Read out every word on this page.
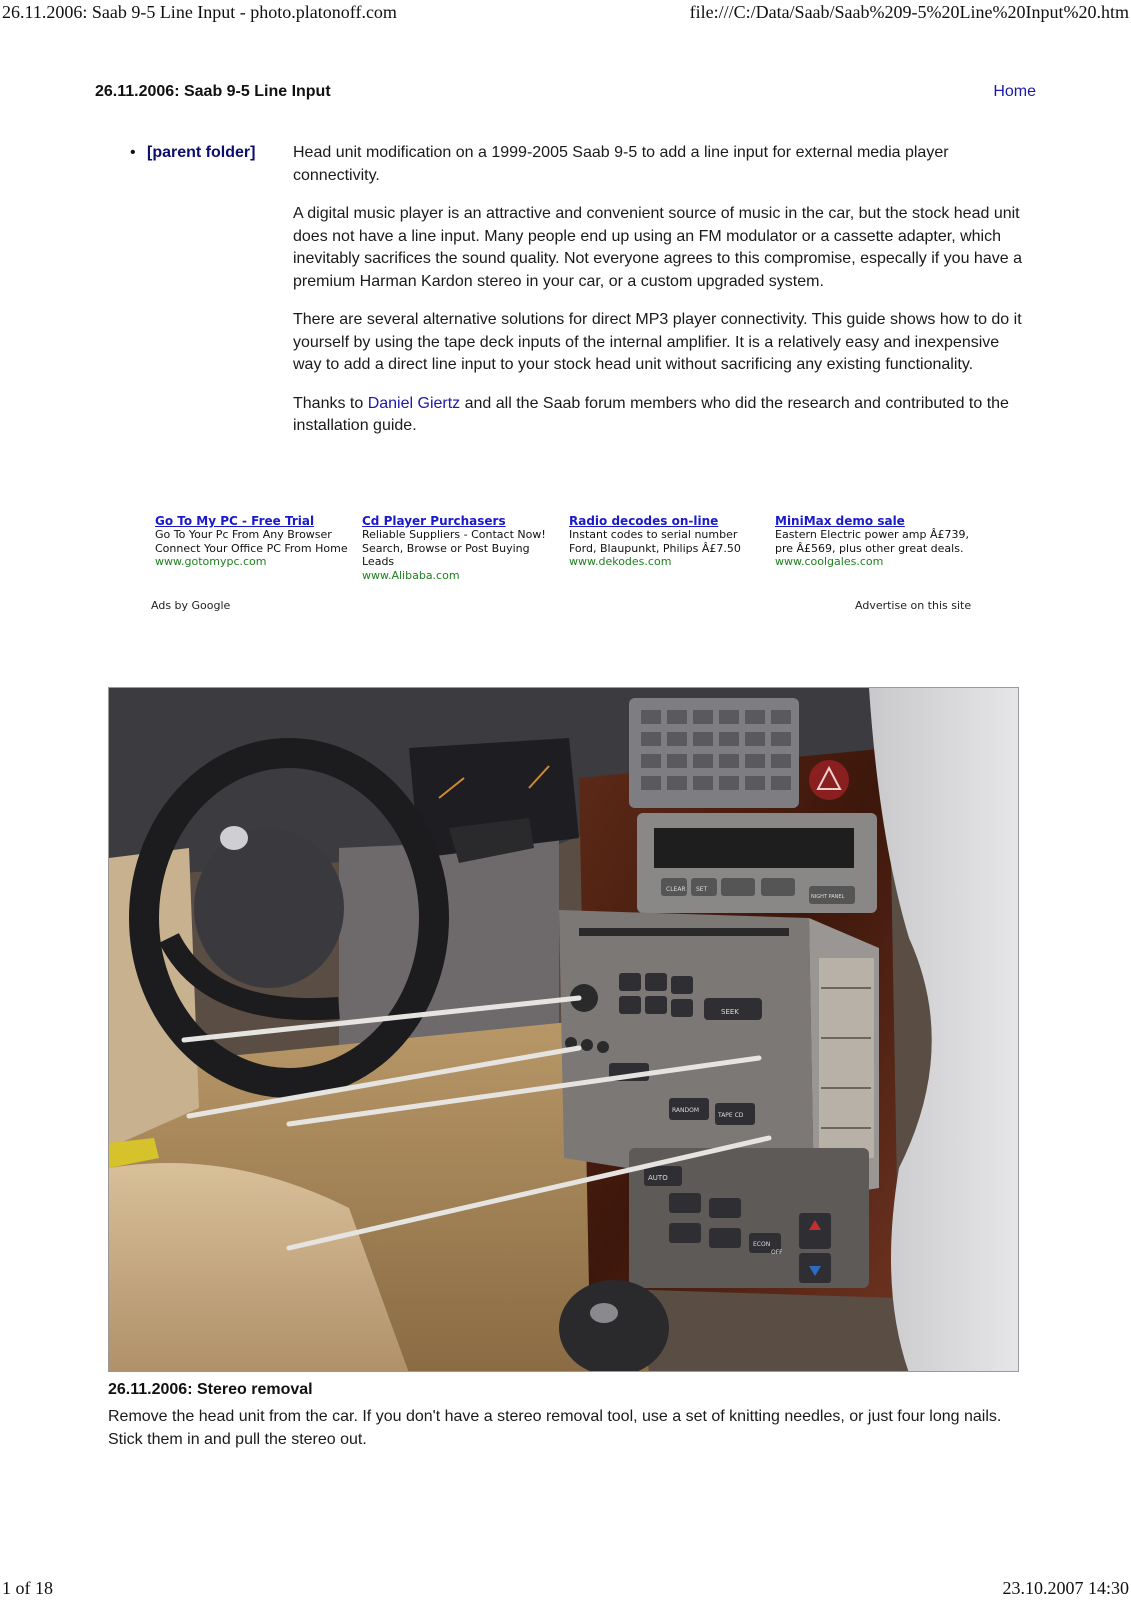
26.11.2006: Saab 9-5 Line Input - photo.platonoff.com	file:///C:/Data/Saab/Saab%209-5%20Line%20Input%20.htm
26.11.2006: Saab 9-5 Line Input	Home
• [parent folder] Head unit modification on a 1999-2005 Saab 9-5 to add a line input for external media player connectivity.

A digital music player is an attractive and convenient source of music in the car, but the stock head unit does not have a line input. Many people end up using an FM modulator or a cassette adapter, which inevitably sacrifices the sound quality. Not everyone agrees to this compromise, especally if you have a premium Harman Kardon stereo in your car, or a custom upgraded system.

There are several alternative solutions for direct MP3 player connectivity. This guide shows how to do it yourself by using the tape deck inputs of the internal amplifier. It is a relatively easy and inexpensive way to add a direct line input to your stock head unit without sacrificing any existing functionality.

Thanks to Daniel Giertz and all the Saab forum members who did the research and contributed to the installation guide.

Go To My PC - Free Trial
Go To Your Pc From Any Browser Connect Your Office PC From Home
www.gotomypc.com
Cd Player Purchasers
Reliable Suppliers - Contact Now! Search, Browse or Post Buying Leads
www.Alibaba.com
Radio decodes on-line
Instant codes to serial number Ford, Blaupunkt, Philips Â£7.50
www.dekodes.com
MiniMax demo sale
Eastern Electric power amp Â£739, pre Â£569, plus other great deals.
www.coolgales.com
Ads by Google	Advertise on this site
CLEAR SET
NIGHT PANEL
SEEK
RANDOM
TAPE CD
AUTO
ECON
OFF
26.11.2006: Stereo removal
Remove the head unit from the car. If you don't have a stereo removal tool, use a set of knitting needles, or just four long nails. Stick them in and pull the stereo out.
1 of 18	23.10.2007 14:30
